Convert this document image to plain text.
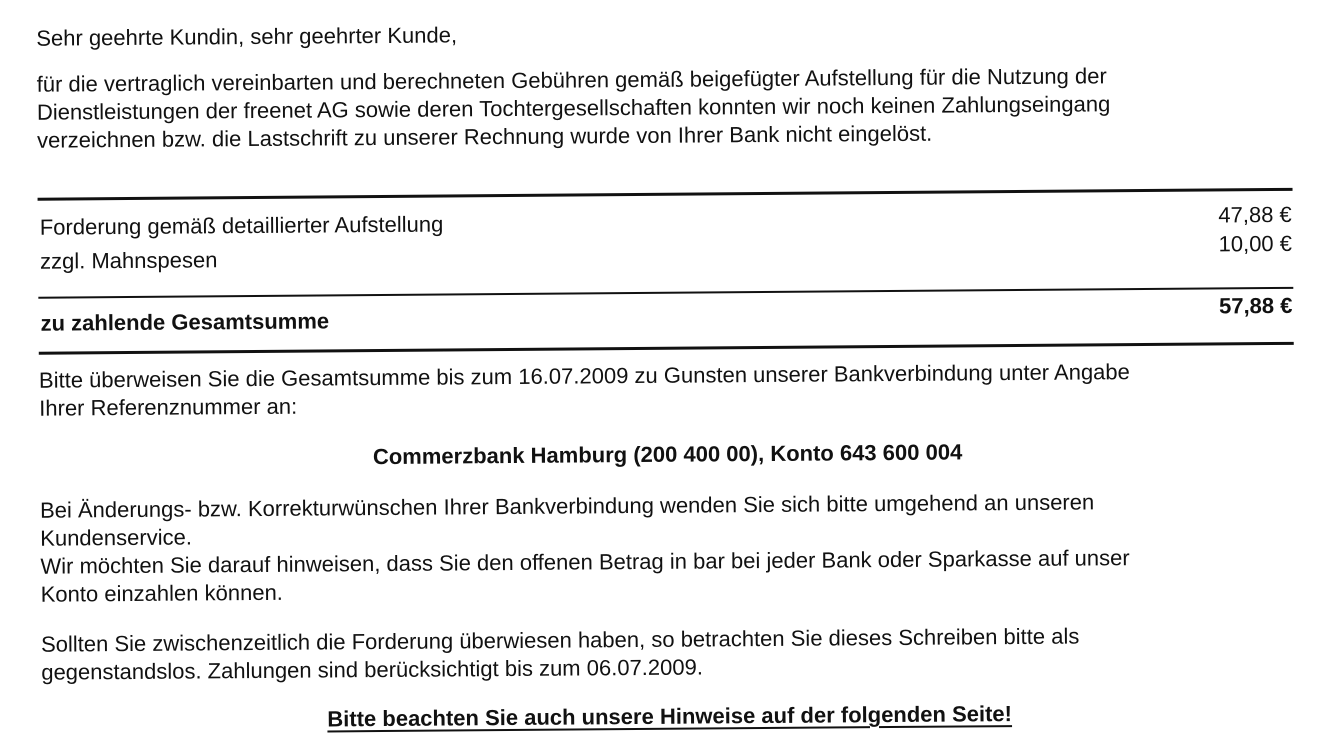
Sehr geehrte Kundin, sehr geehrter Kunde,
für die vertraglich vereinbarten und berechneten Gebühren gemäß beigefügter Aufstellung für die Nutzung der
Dienstleistungen der freenet AG sowie deren Tochtergesellschaften konnten wir noch keinen Zahlungseingang
verzeichnen bzw. die Lastschrift zu unserer Rechnung wurde von Ihrer Bank nicht eingelöst.
Forderung gemäß detaillierter Aufstellung	47,88 €
zzgl. Mahnspesen
10,00 €
zu zahlende Gesamtsumme
57,88 €
Bitte überweisen Sie die Gesamtsumme bis zum 16.07.2009 zu Gunsten unserer Bankverbindung unter Angabe
Ihrer Referenznummer an:
Commerzbank Hamburg (200 400 00), Konto 643 600 004
Bei Änderungs- bzw. Korrekturwünschen Ihrer Bankverbindung wenden Sie sich bitte umgehend an unseren
Kundenservice.
Wir möchten Sie darauf hinweisen, dass Sie den offenen Betrag in bar bei jeder Bank oder Sparkasse auf unser
Konto einzahlen können.
Sollten Sie zwischenzeitlich die Forderung überwiesen haben, so betrachten Sie dieses Schreiben bitte als
gegenstandslos. Zahlungen sind berücksichtigt bis zum 06.07.2009.
Bitte beachten Sie auch unsere Hinweise auf der folgenden Seite!
